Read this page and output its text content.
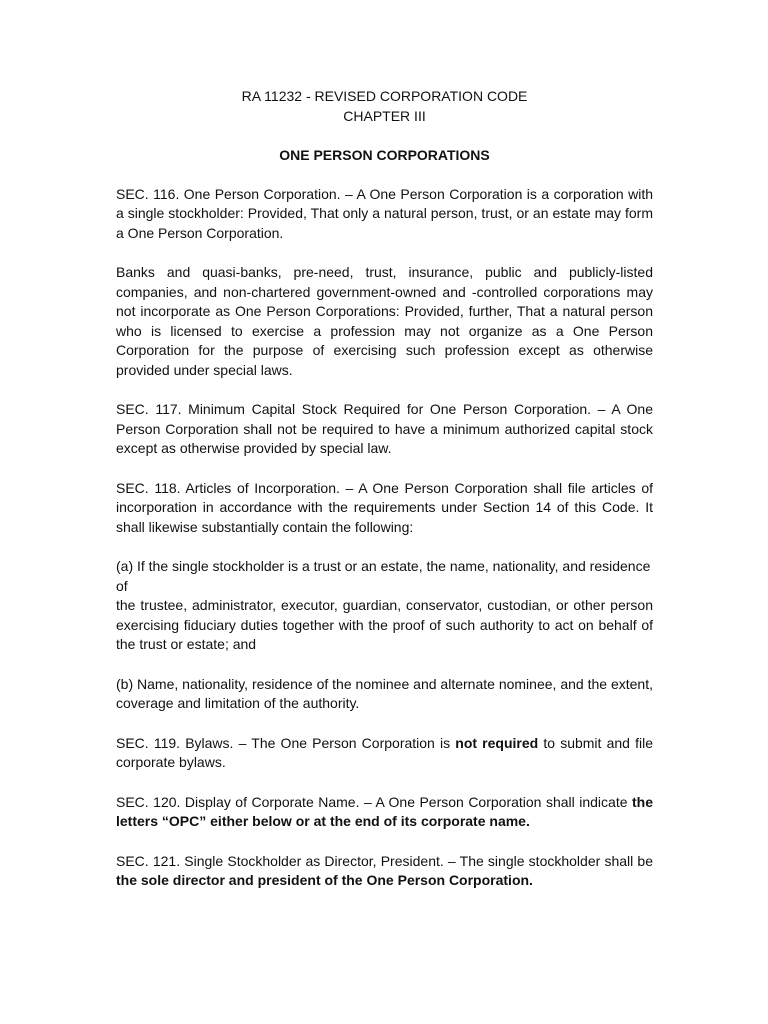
RA 11232 - REVISED CORPORATION CODE

CHAPTER III

ONE PERSON CORPORATIONS

SEC. 116. One Person Corporation. – A One Person Corporation is a corporation with a single stockholder: Provided, That only a natural person, trust, or an estate may form a One Person Corporation.

Banks and quasi-banks, pre-need, trust, insurance, public and publicly-listed companies, and non-chartered government-owned and -controlled corporations may not incorporate as One Person Corporations: Provided, further, That a natural person who is licensed to exercise a profession may not organize as a One Person Corporation for the purpose of exercising such profession except as otherwise provided under special laws.

SEC. 117. Minimum Capital Stock Required for One Person Corporation. – A One Person Corporation shall not be required to have a minimum authorized capital stock except as otherwise provided by special law.

SEC. 118. Articles of Incorporation. – A One Person Corporation shall file articles of incorporation in accordance with the requirements under Section 14 of this Code. It shall likewise substantially contain the following:

(a) If the single stockholder is a trust or an estate, the name, nationality, and residence of
the trustee, administrator, executor, guardian, conservator, custodian, or other person exercising fiduciary duties together with the proof of such authority to act on behalf of the trust or estate; and

(b) Name, nationality, residence of the nominee and alternate nominee, and the extent, coverage and limitation of the authority.

SEC. 119. Bylaws. – The One Person Corporation is not required to submit and file corporate bylaws.

SEC. 120. Display of Corporate Name. – A One Person Corporation shall indicate the letters “OPC” either below or at the end of its corporate name.

SEC. 121. Single Stockholder as Director, President. – The single stockholder shall be the sole director and president of the One Person Corporation.
